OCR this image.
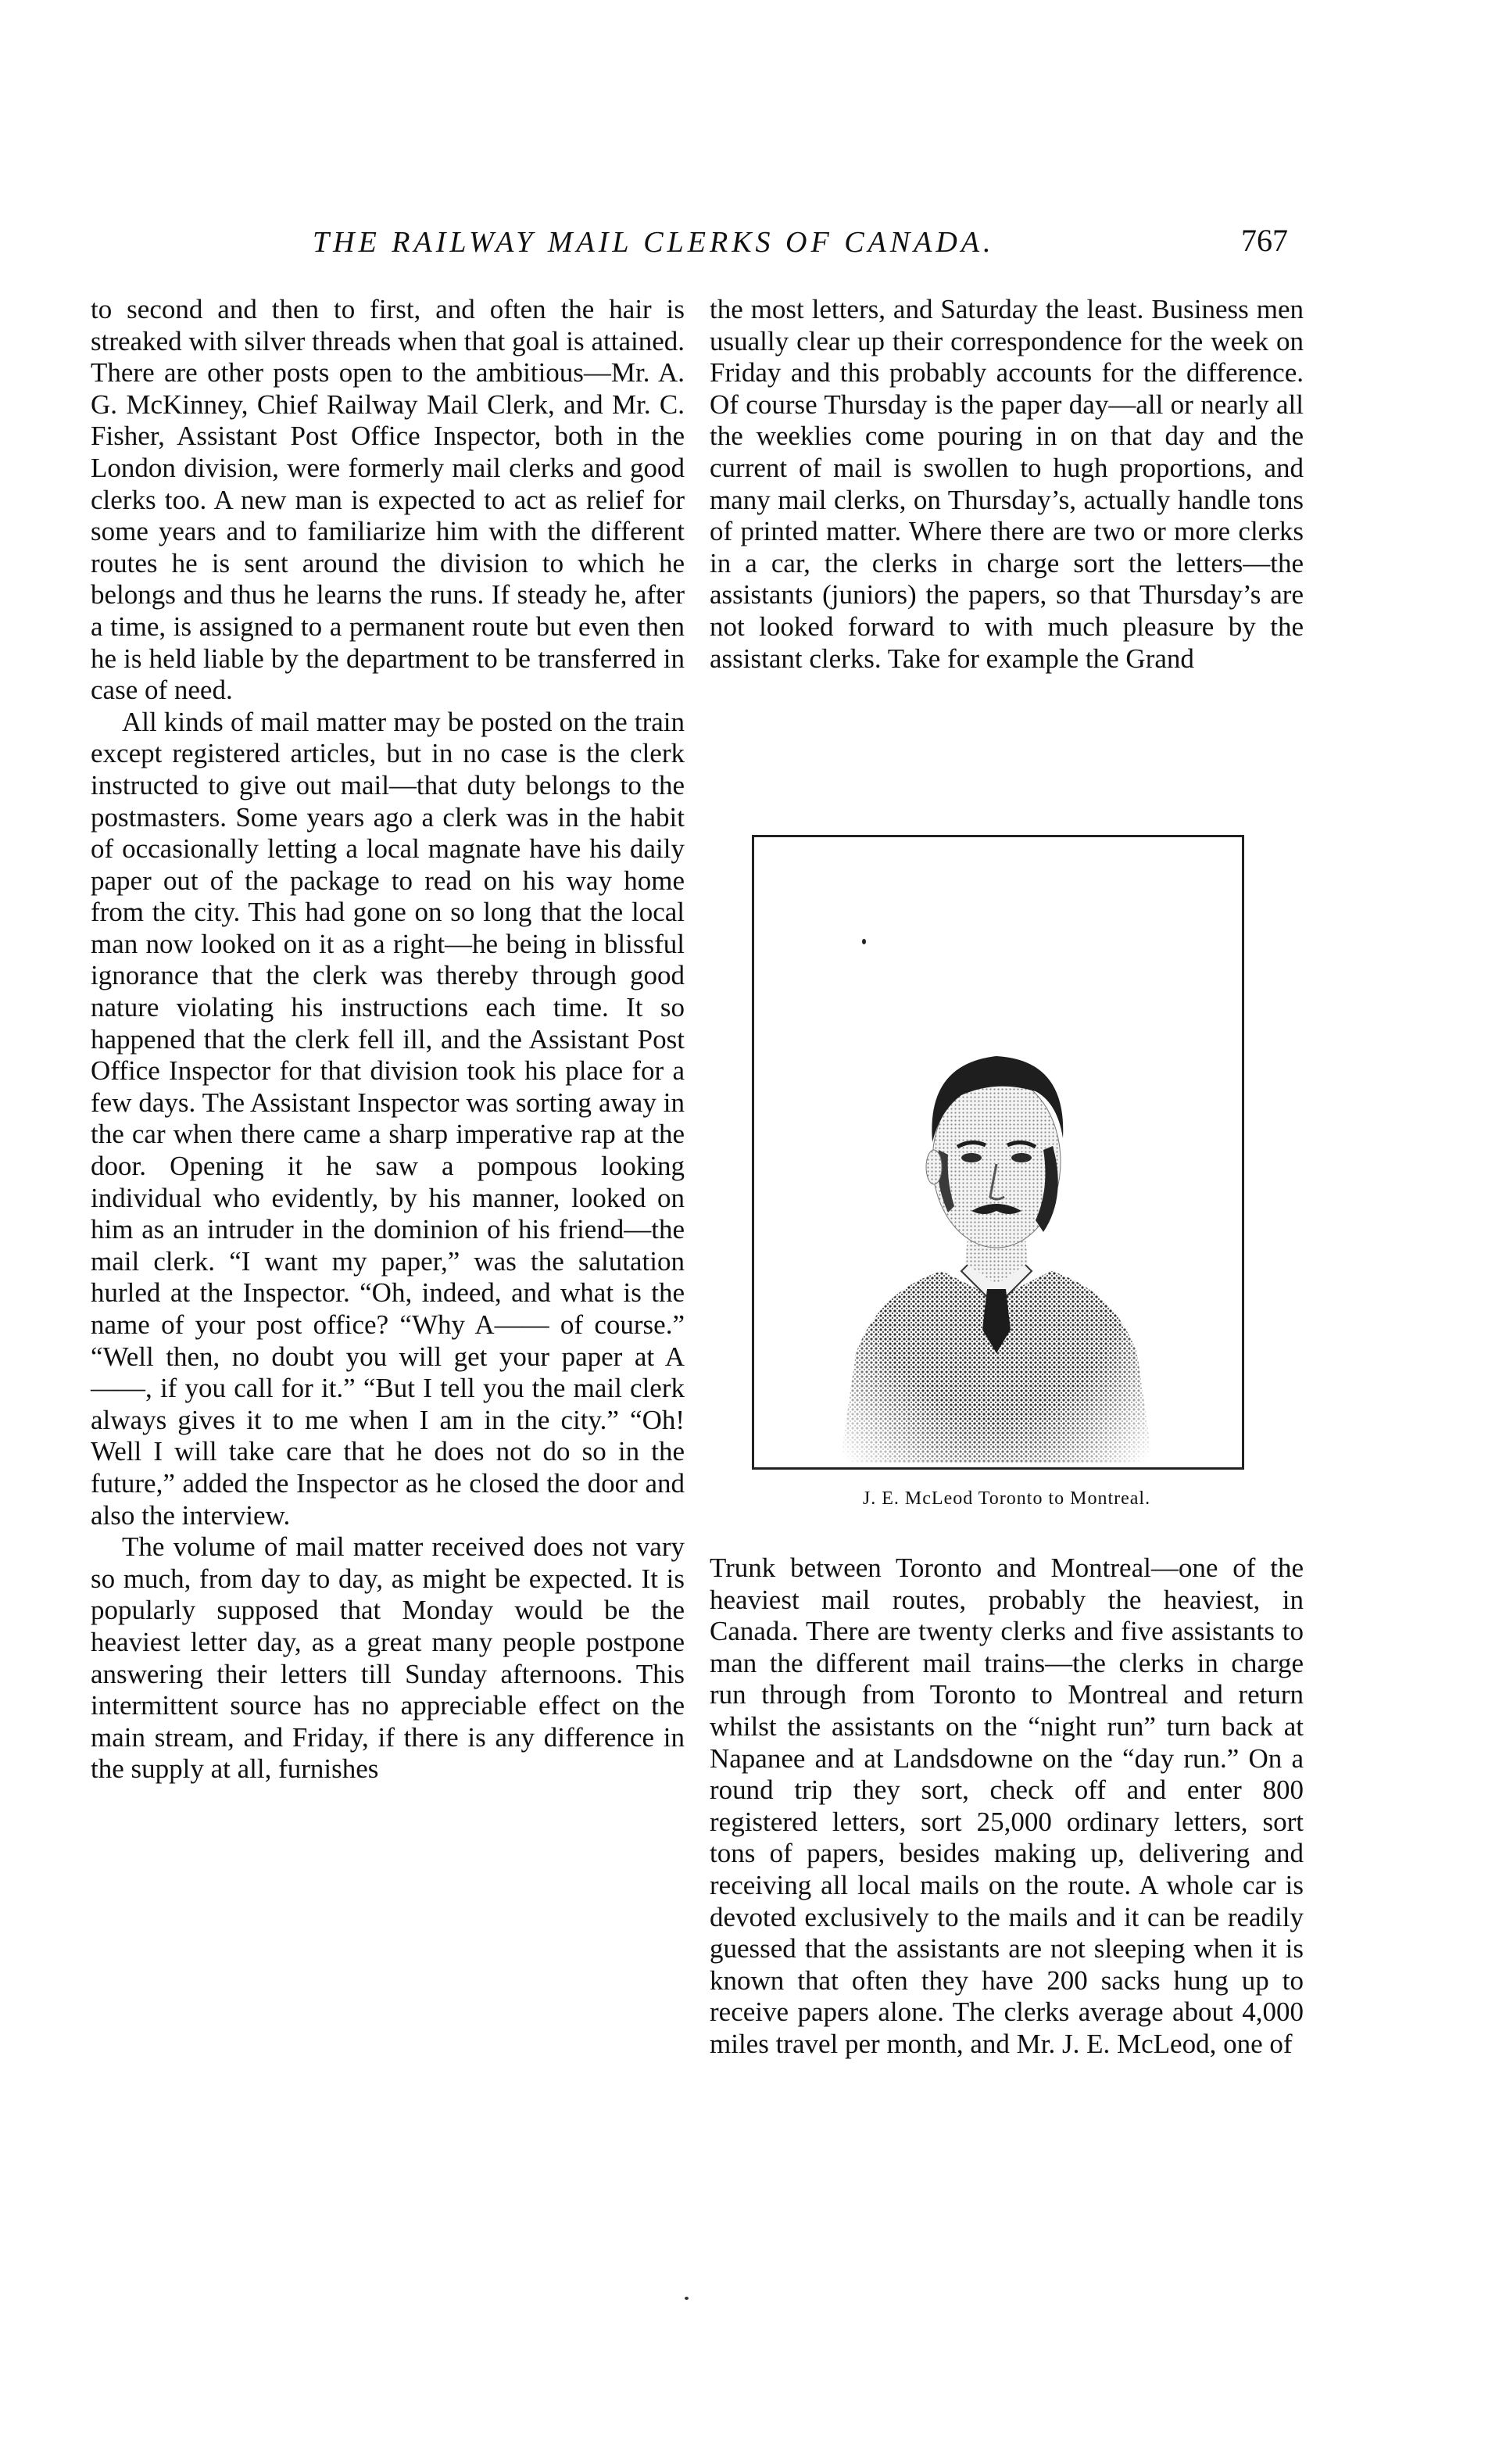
THE RAILWAY MAIL CLERKS OF CANADA.	767

to second and then to first, and often the hair is streaked with silver threads when that goal is attained. There are other posts open to the ambitious—Mr. A. G. McKinney, Chief Railway Mail Clerk, and Mr. C. Fisher, Assistant Post Office Inspector, both in the London division, were formerly mail clerks and good clerks too. A new man is expected to act as relief for some years and to familiarize him with the different routes he is sent around the division to which he belongs and thus he learns the runs. If steady he, after a time, is assigned to a permanent route but even then he is held liable by the department to be transferred in case of need.

All kinds of mail matter may be posted on the train except registered articles, but in no case is the clerk instructed to give out mail—that duty belongs to the postmasters. Some years ago a clerk was in the habit of occasionally letting a local magnate have his daily paper out of the package to read on his way home from the city. This had gone on so long that the local man now looked on it as a right—he being in blissful ignorance that the clerk was thereby through good nature violating his instructions each time. It so happened that the clerk fell ill, and the Assistant Post Office Inspector for that division took his place for a few days. The Assistant Inspector was sorting away in the car when there came a sharp imperative rap at the door. Opening it he saw a pompous looking individual who evidently, by his manner, looked on him as an intruder in the dominion of his friend—the mail clerk. “I want my paper,” was the salutation hurled at the Inspector. “Oh, indeed, and what is the name of your post office? “Why A—— of course.” “Well then, no doubt you will get your paper at A——, if you call for it.” “But I tell you the mail clerk always gives it to me when I am in the city.” “Oh! Well I will take care that he does not do so in the future,” added the Inspector as he closed the door and also the interview.

The volume of mail matter received does not vary so much, from day to day, as might be expected. It is popularly supposed that Monday would be the heaviest letter day, as a great many people postpone answering their letters till Sunday afternoons. This intermittent source has no appreciable effect on the main stream, and Friday, if there is any difference in the supply at all, furnishes

the most letters, and Saturday the least. Business men usually clear up their correspondence for the week on Friday and this probably accounts for the difference. Of course Thursday is the paper day—all or nearly all the weeklies come pouring in on that day and the current of mail is swollen to hugh proportions, and many mail clerks, on Thursday’s, actually handle tons of printed matter. Where there are two or more clerks in a car, the clerks in charge sort the letters—the assistants (juniors) the papers, so that Thursday’s are not looked forward to with much pleasure by the assistant clerks. Take for example the Grand

J. E. McLeod Toronto to Montreal.

Trunk between Toronto and Montreal—one of the heaviest mail routes, probably the heaviest, in Canada. There are twenty clerks and five assistants to man the different mail trains—the clerks in charge run through from Toronto to Montreal and return whilst the assistants on the “night run” turn back at Napanee and at Landsdowne on the “day run.” On a round trip they sort, check off and enter 800 registered letters, sort 25,000 ordinary letters, sort tons of papers, besides making up, delivering and receiving all local mails on the route. A whole car is devoted exclusively to the mails and it can be readily guessed that the assistants are not sleeping when it is known that often they have 200 sacks hung up to receive papers alone. The clerks average about 4,000 miles travel per month, and Mr. J. E. McLeod, one of
